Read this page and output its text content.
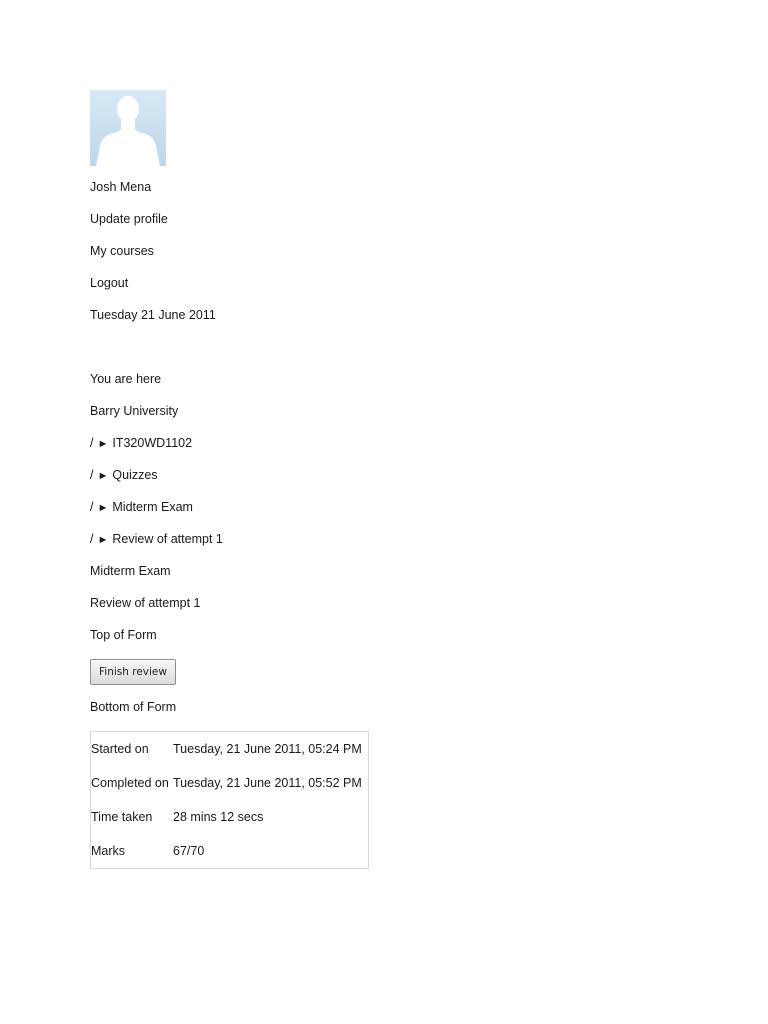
Josh Mena
Update profile
My courses
Logout
Tuesday 21 June 2011
You are here
Barry University
/ ► IT320WD1102
/ ► Quizzes
/ ► Midterm Exam
/ ► Review of attempt 1
Midterm Exam
Review of attempt 1
Top of Form
Finish review
Bottom of Form
Started on	Tuesday, 21 June 2011, 05:24 PM
Completed on	Tuesday, 21 June 2011, 05:52 PM
Time taken	28 mins 12 secs
Marks	67/70
